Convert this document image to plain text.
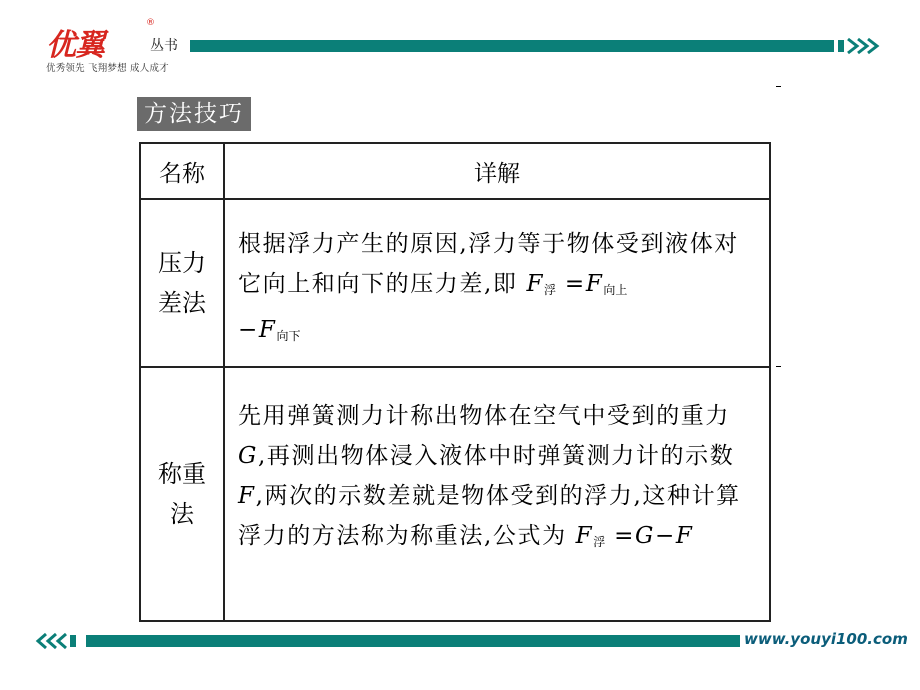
优翼
®
丛书
优秀领先 飞翔梦想 成人成才
方法技巧
名称	详解
压力差法
根据浮力产生的原因,浮力等于物体受到液体对它向上和向下的压力差,即 $F_浮 =F_{向上}$
$-F_{向下}$
称重法
先用弹簧测力计称出物体在空气中受到的重力 G,再测出物体浸入液体中时弹簧测力计的示数 F,两次的示数差就是物体受到的浮力,这种计算浮力的方法称为称重法,公式为 $F_浮 =G-F$
www.youyi100.com
